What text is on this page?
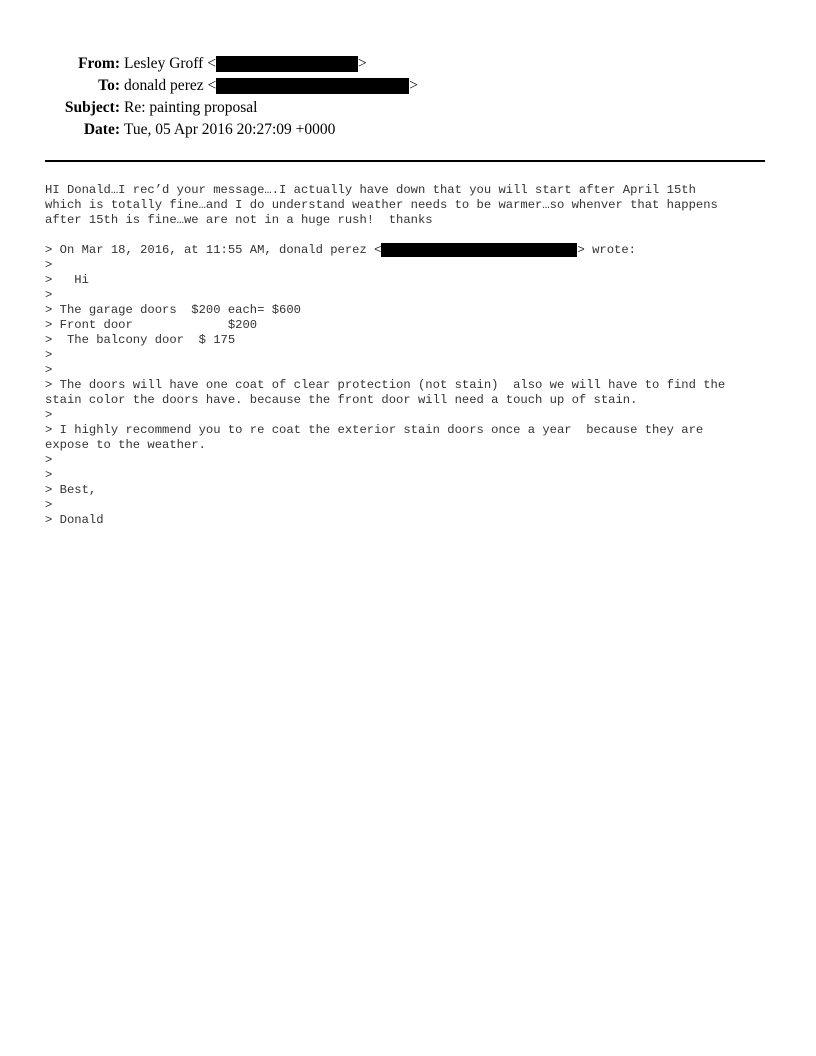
From: Lesley Groff <	>
To: donald perez <	>
Subject: Re: painting proposal
Date: Tue, 05 Apr 2016 20:27:09 +0000
HI Donald…I rec’d your message….I actually have down that you will start after April 15th
which is totally fine…and I do understand weather needs to be warmer…so whenver that happens
after 15th is fine…we are not in a huge rush!  thanks
> On Mar 18, 2016, at 11:55 AM, donald perez <	> wrote:
>
>   Hi
>
> The garage doors  $200 each= $600
> Front door             $200
>  The balcony door  $ 175
>
>
> The doors will have one coat of clear protection (not stain)  also we will have to find the
stain color the doors have. because the front door will need a touch up of stain.
>
> I highly recommend you to re coat the exterior stain doors once a year  because they are
expose to the weather.
>
>
> Best,
>
> Donald
